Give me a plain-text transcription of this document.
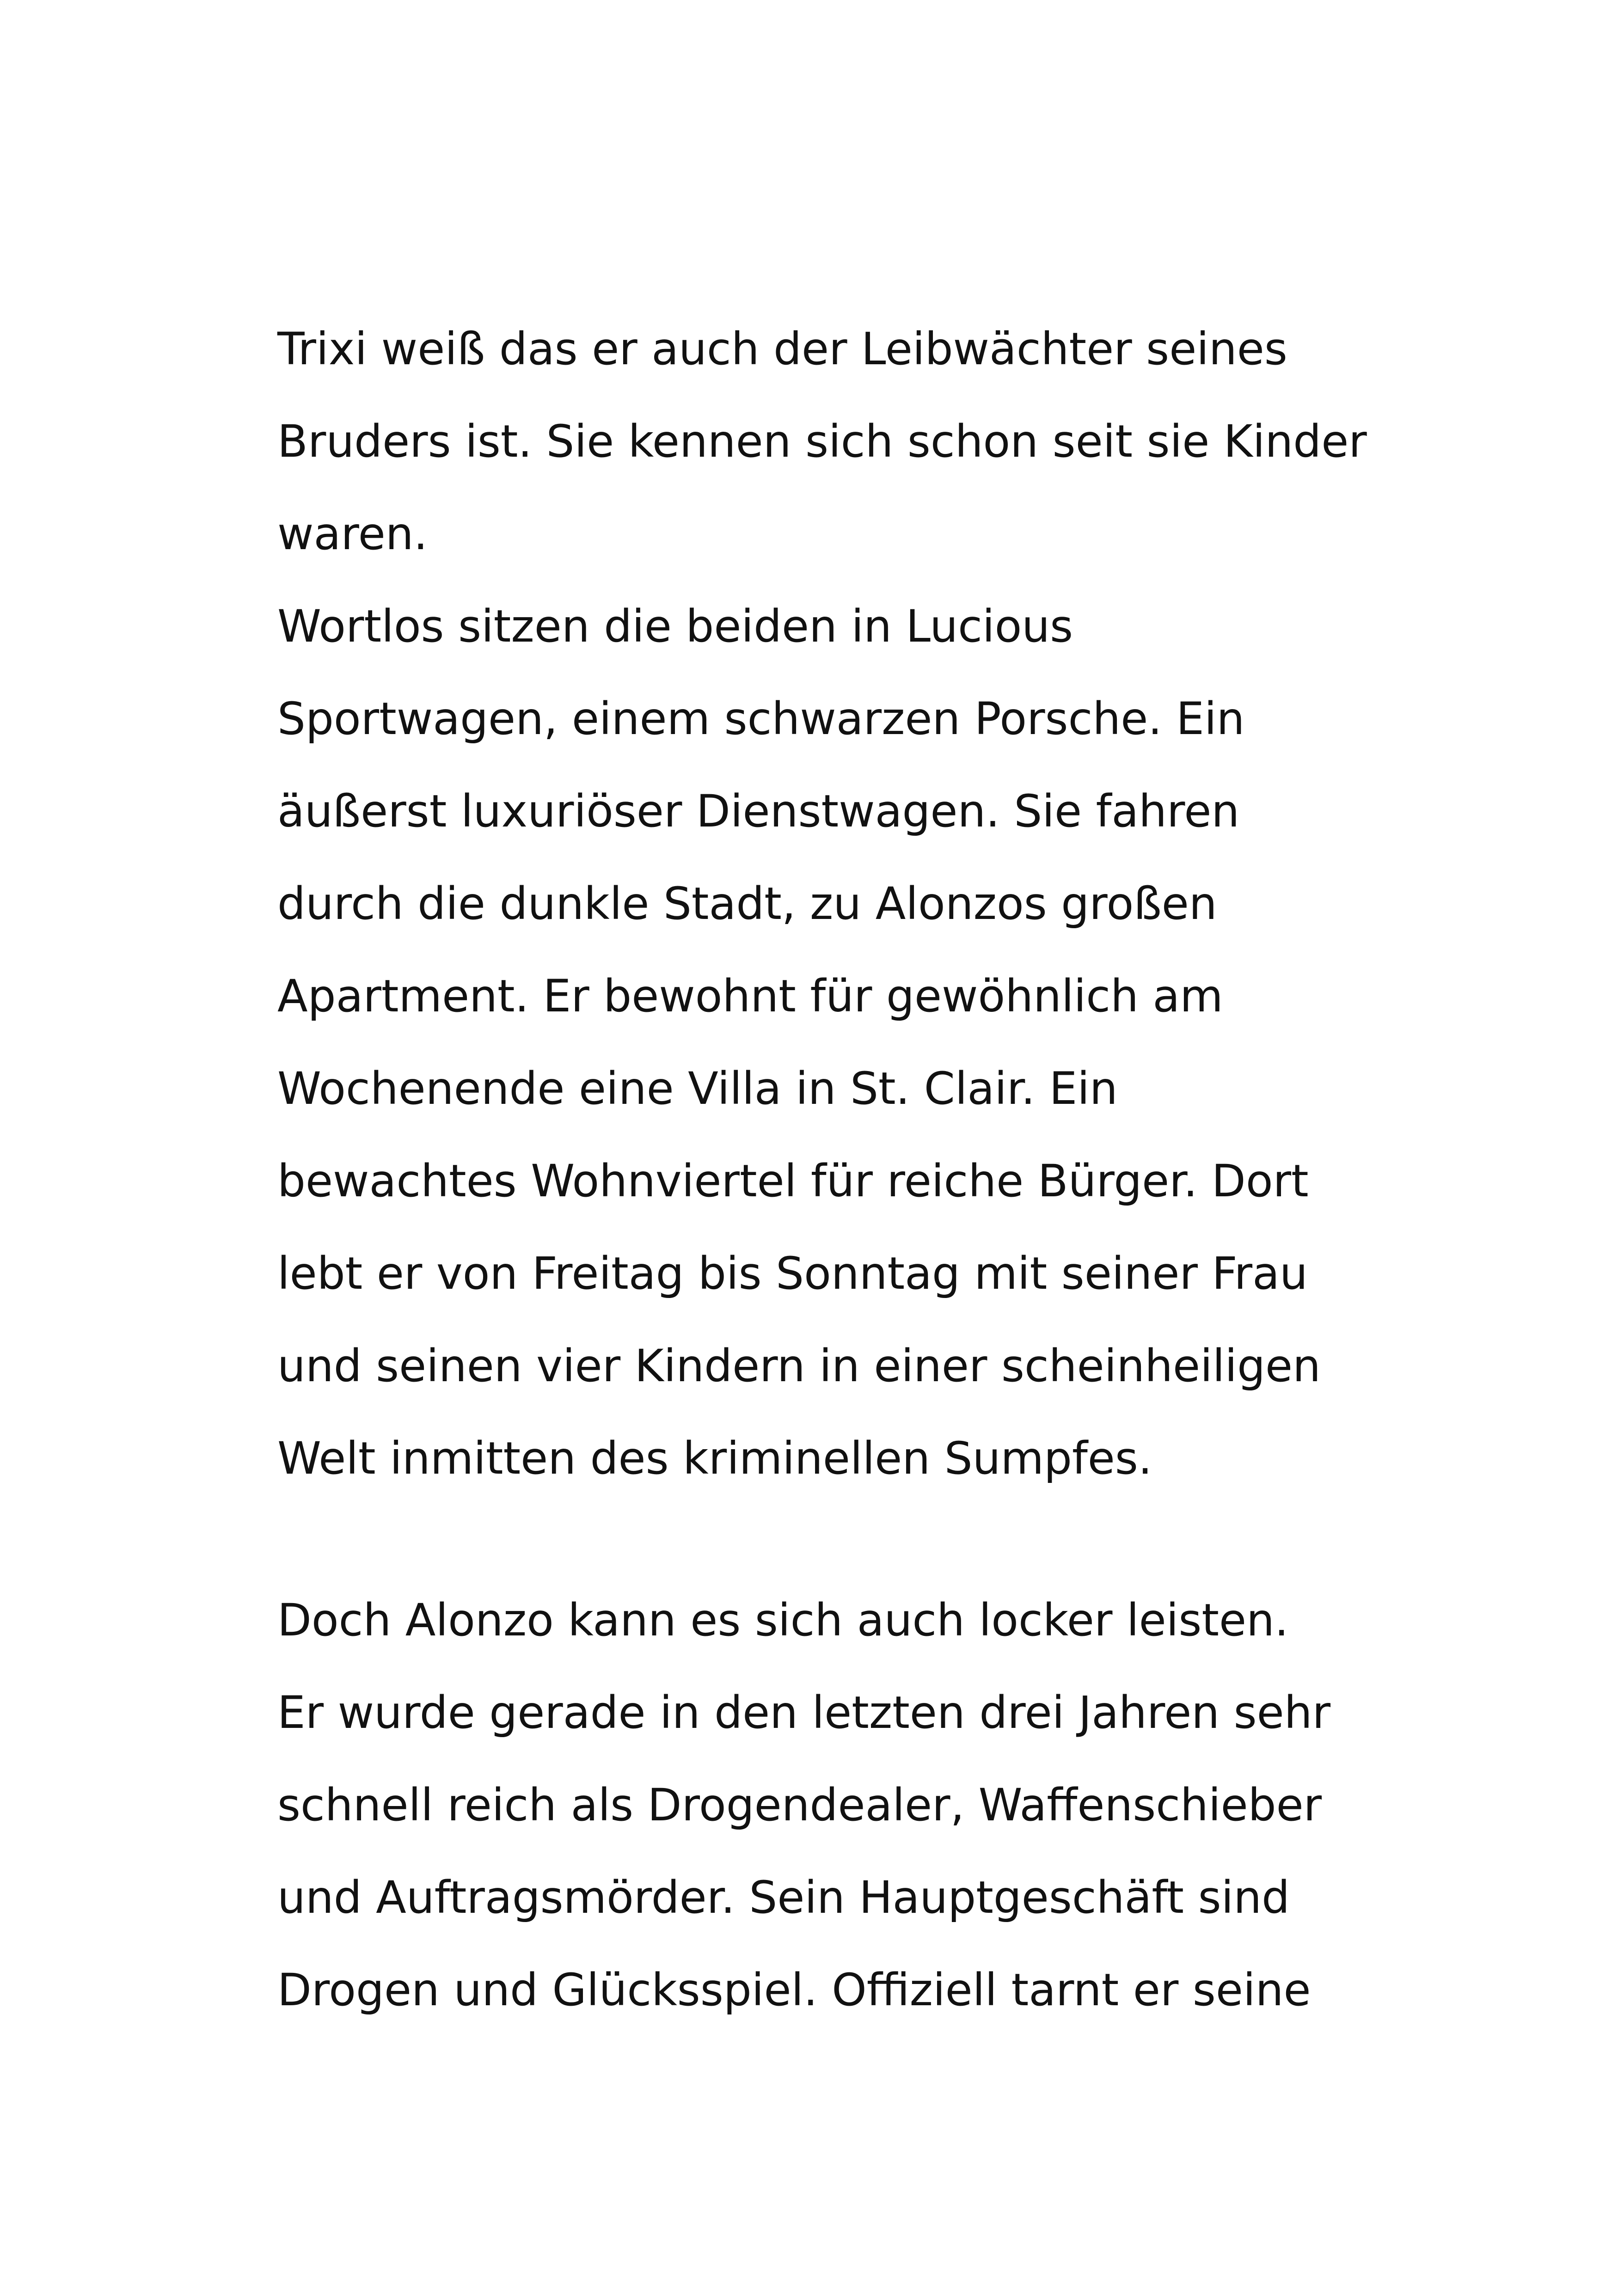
Trixi weiß das er auch der Leibwächter seines
Bruders ist. Sie kennen sich schon seit sie Kinder
waren.
Wortlos sitzen die beiden in Lucious
Sportwagen, einem schwarzen Porsche. Ein
äußerst luxuriöser Dienstwagen. Sie fahren
durch die dunkle Stadt, zu Alonzos großen
Apartment. Er bewohnt für gewöhnlich am
Wochenende eine Villa in St. Clair. Ein
bewachtes Wohnviertel für reiche Bürger. Dort
lebt er von Freitag bis Sonntag mit seiner Frau
und seinen vier Kindern in einer scheinheiligen
Welt inmitten des kriminellen Sumpfes.
Doch Alonzo kann es sich auch locker leisten.
Er wurde gerade in den letzten drei Jahren sehr
schnell reich als Drogendealer, Waffenschieber
und Auftragsmörder. Sein Hauptgeschäft sind
Drogen und Glücksspiel. Offiziell tarnt er seine
